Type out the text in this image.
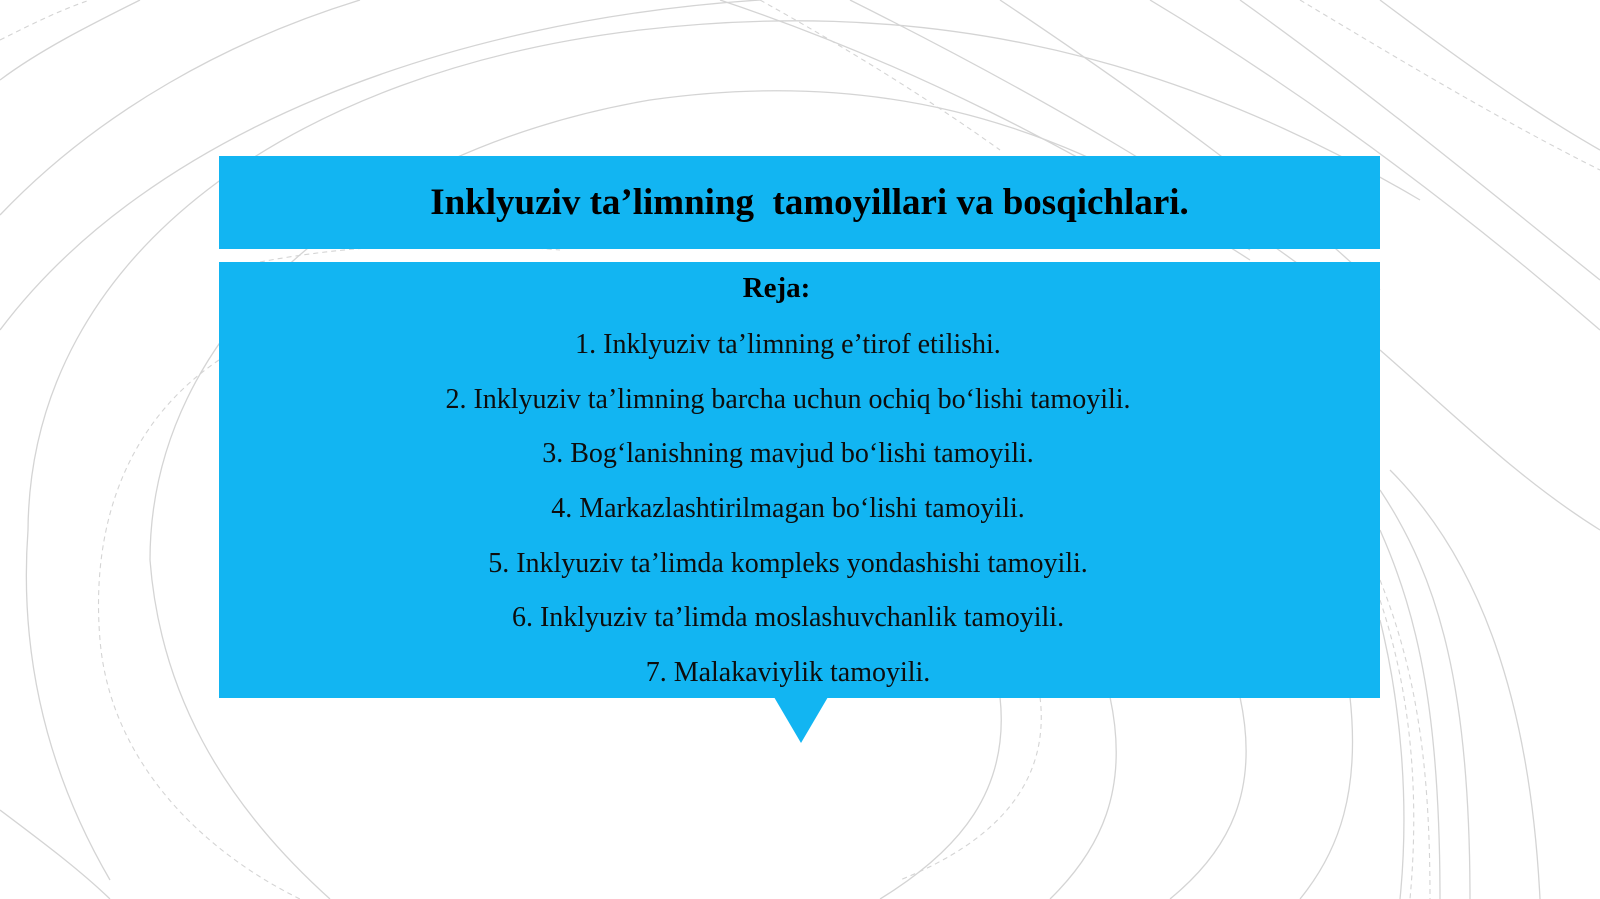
Inklyuziv ta’limning  tamoyillari va bosqichlari.
Reja:
1. Inklyuziv ta’limning e’tirof etilishi.
2. Inklyuziv ta’limning barcha uchun ochiq bo‘lishi tamoyili.
3. Bog‘lanishning mavjud bo‘lishi tamoyili.
4. Markazlashtirilmagan bo‘lishi tamoyili.
5. Inklyuziv ta’limda kompleks yondashishi tamoyili.
6. Inklyuziv ta’limda moslashuvchanlik tamoyili.
7. Malakaviylik tamoyili.
